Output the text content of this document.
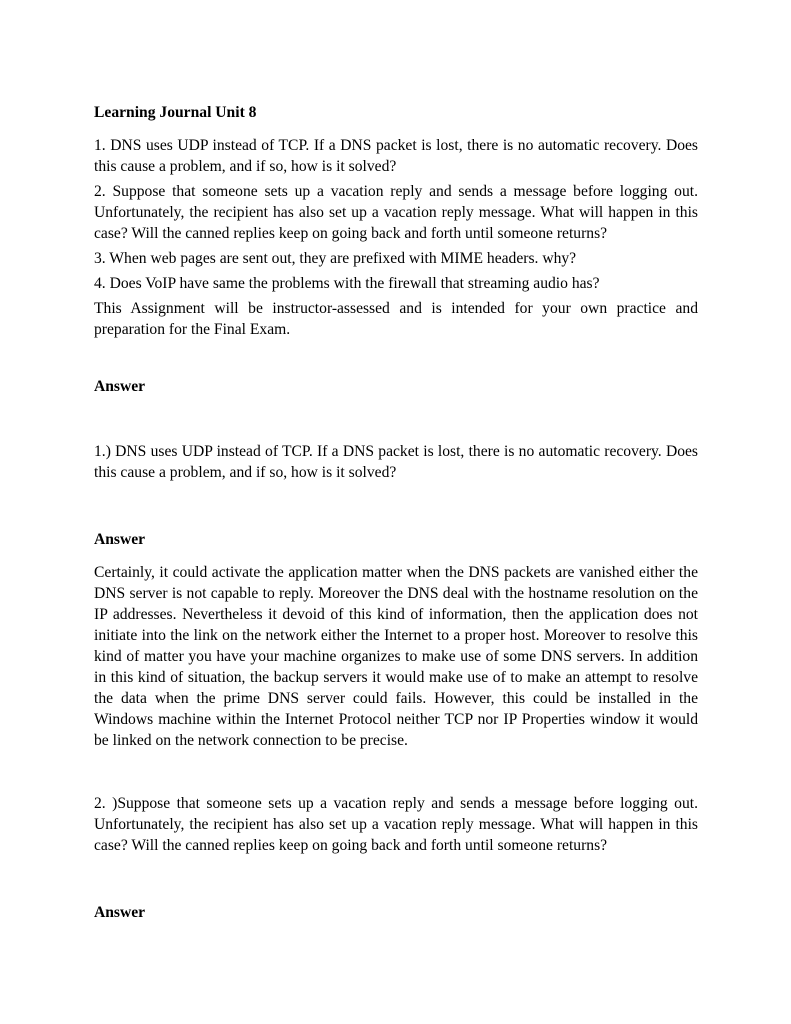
Learning Journal Unit 8

1. DNS uses UDP instead of TCP. If a DNS packet is lost, there is no automatic recovery. Does this cause a problem, and if so, how is it solved?

2. Suppose that someone sets up a vacation reply and sends a message before logging out. Unfortunately, the recipient has also set up a vacation reply message. What will happen in this case? Will the canned replies keep on going back and forth until someone returns?

3. When web pages are sent out, they are prefixed with MIME headers. why?

4. Does VoIP have same the problems with the firewall that streaming audio has?

This Assignment will be instructor-assessed and is intended for your own practice and preparation for the Final Exam.

Answer

1.) DNS uses UDP instead of TCP. If a DNS packet is lost, there is no automatic recovery. Does this cause a problem, and if so, how is it solved?

Answer

Certainly, it could activate the application matter when the DNS packets are vanished either the DNS server is not capable to reply. Moreover the DNS deal with the hostname resolution on the IP addresses. Nevertheless it devoid of this kind of information, then the application does not initiate into the link on the network either the Internet to a proper host. Moreover to resolve this kind of matter you have your machine organizes to make use of some DNS servers. In addition in this kind of situation, the backup servers it would make use of to make an attempt to resolve the data when the prime DNS server could fails. However, this could be installed in the Windows machine within the Internet Protocol neither TCP nor IP Properties window it would be linked on the network connection to be precise.

2. )Suppose that someone sets up a vacation reply and sends a message before logging out. Unfortunately, the recipient has also set up a vacation reply message. What will happen in this case? Will the canned replies keep on going back and forth until someone returns?

Answer
